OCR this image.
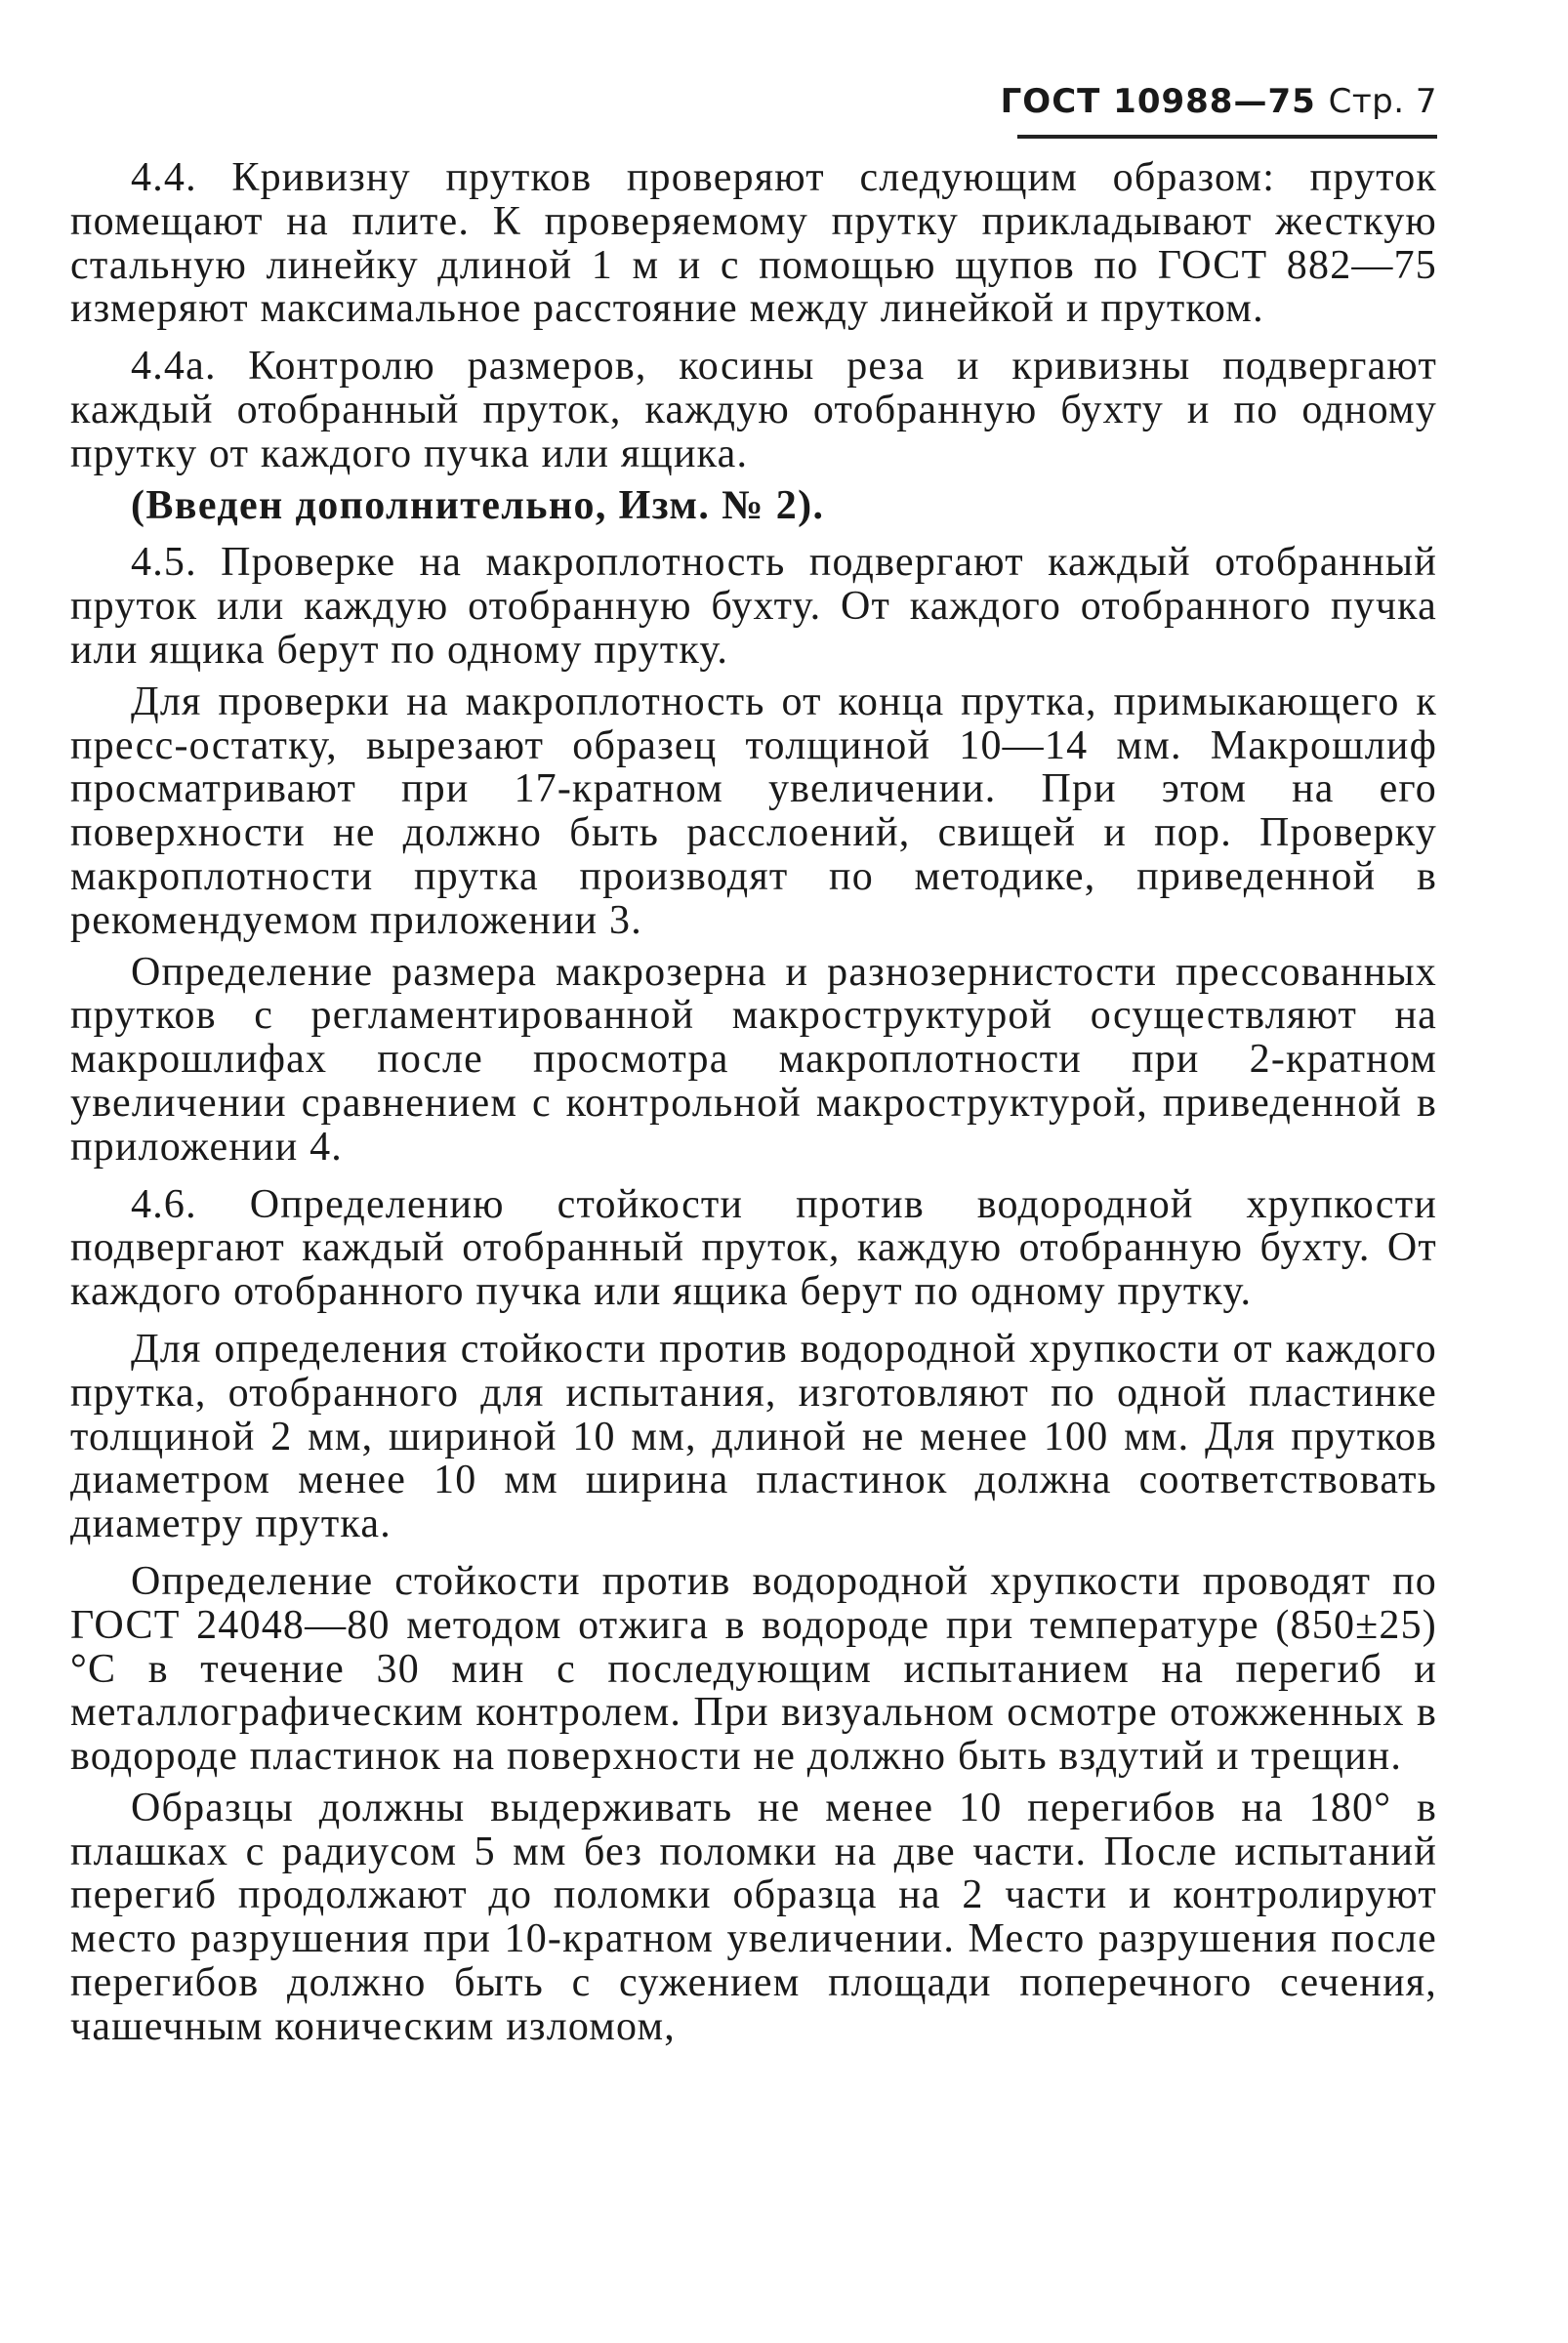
ГОСТ 10988—75 Стр. 7

4.4. Кривизну прутков проверяют следующим образом: пруток помещают на плите. К проверяемому прутку прикладывают жесткую стальную линейку длиной 1 м и с помощью щупов по ГОСТ 882—75 измеряют максимальное расстояние между линейкой и прутком.

4.4а. Контролю размеров, косины реза и кривизны подвергают каждый отобранный пруток, каждую отобранную бухту и по одному прутку от каждого пучка или ящика.

(Введен дополнительно, Изм. № 2).

4.5. Проверке на макроплотность подвергают каждый отобранный пруток или каждую отобранную бухту. От каждого отобранного пучка или ящика берут по одному прутку.

Для проверки на макроплотность от конца прутка, примыкающего к пресс-остатку, вырезают образец толщиной 10—14 мм. Макрошлиф просматривают при 17-кратном увеличении. При этом на его поверхности не должно быть расслоений, свищей и пор. Проверку макроплотности прутка производят по методике, приведенной в рекомендуемом приложении 3.

Определение размера макрозерна и разнозернистости прессованных прутков с регламентированной макроструктурой осуществляют на макрошлифах после просмотра макроплотности при 2-кратном увеличении сравнением с контрольной макроструктурой, приведенной в приложении 4.

4.6. Определению стойкости против водородной хрупкости подвергают каждый отобранный пруток, каждую отобранную бухту. От каждого отобранного пучка или ящика берут по одному прутку.

Для определения стойкости против водородной хрупкости от каждого прутка, отобранного для испытания, изготовляют по одной пластинке толщиной 2 мм, шириной 10 мм, длиной не менее 100 мм. Для прутков диаметром менее 10 мм ширина пластинок должна соответствовать диаметру прутка.

Определение стойкости против водородной хрупкости проводят по ГОСТ 24048—80 методом отжига в водороде при температуре (850±25)°С в течение 30 мин с последующим испытанием на перегиб и металлографическим контролем. При визуальном осмотре отожженных в водороде пластинок на поверхности не должно быть вздутий и трещин.

Образцы должны выдерживать не менее 10 перегибов на 180° в плашках с радиусом 5 мм без поломки на две части. После испытаний перегиб продолжают до поломки образца на 2 части и контролируют место разрушения при 10-кратном увеличении. Место разрушения после перегибов должно быть с сужением площади поперечного сечения, чашечным коническим изломом,
